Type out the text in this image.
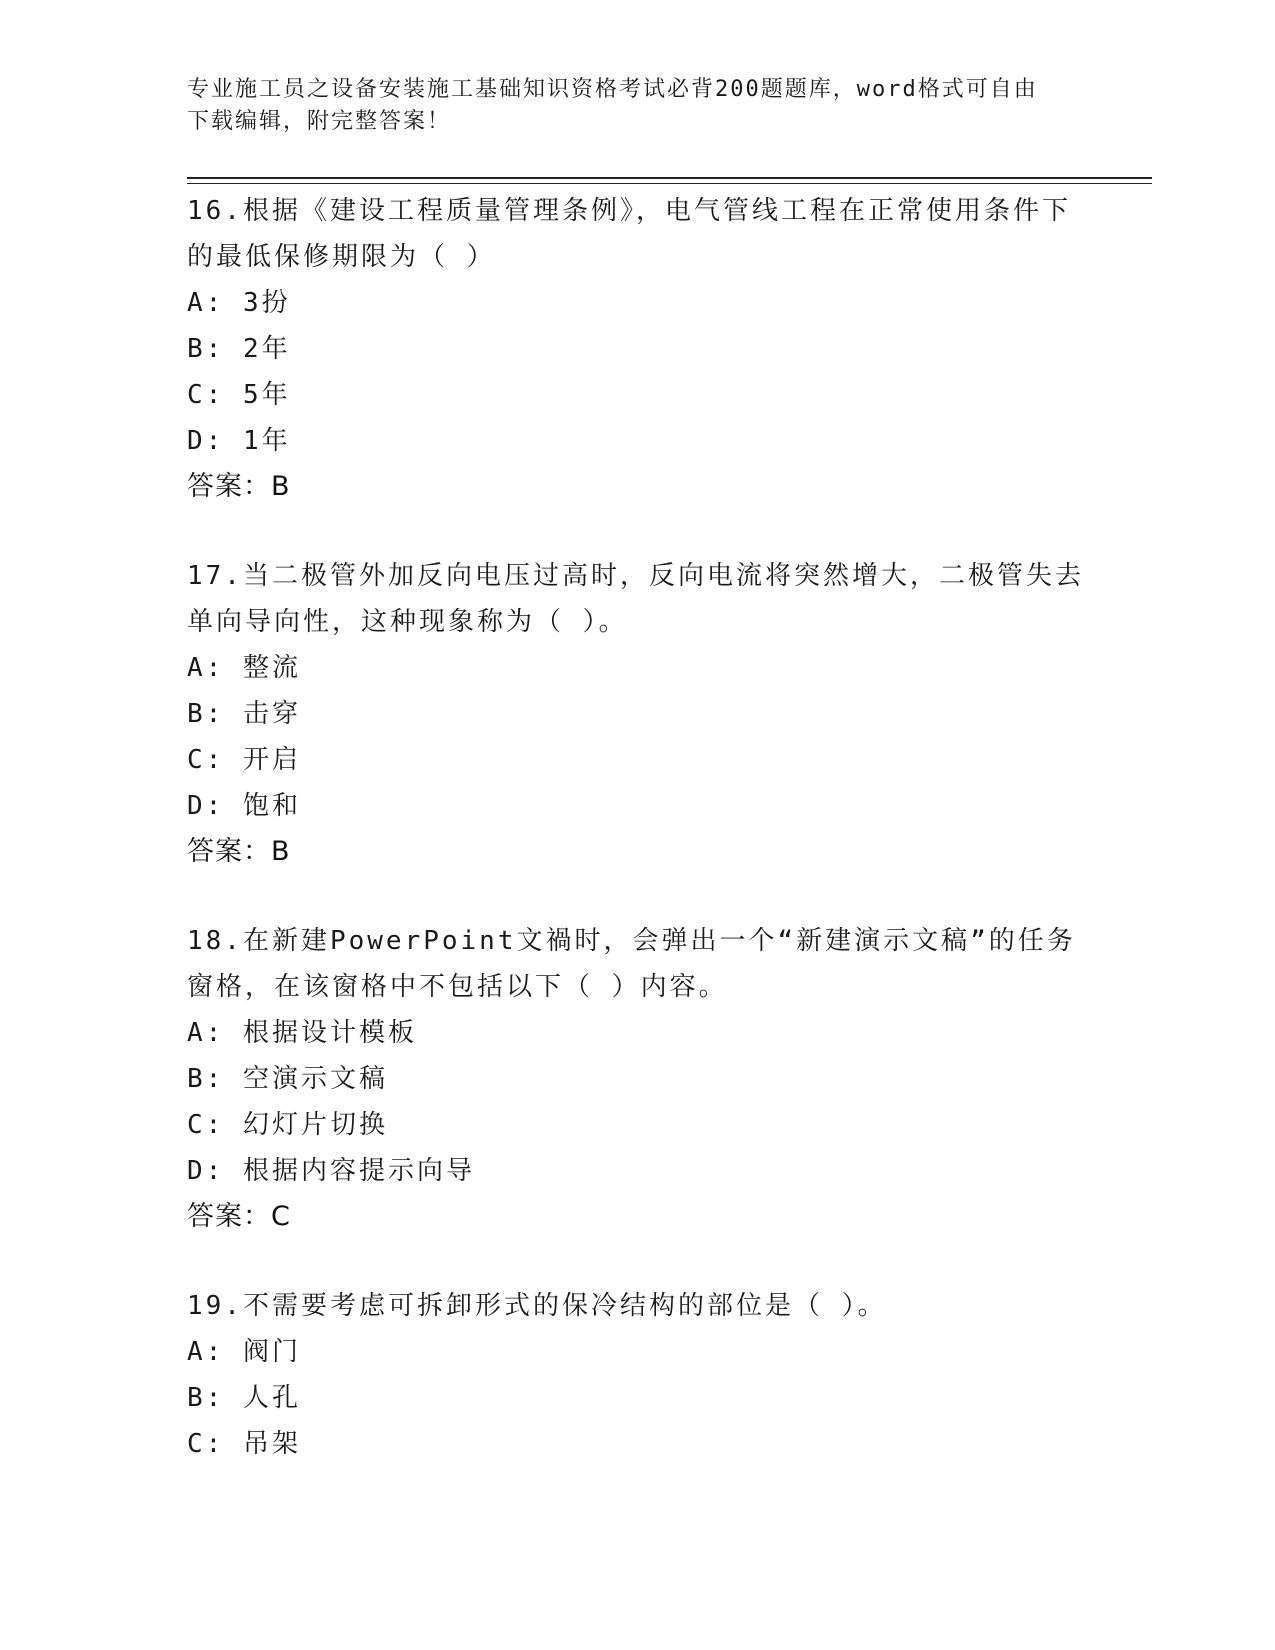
专业施工员之设备安装施工基础知识资格考试必背200题题库，word格式可自由
下载编辑，附完整答案！
16.根据《建设工程质量管理条例》，电气管线工程在正常使用条件下
的最低保修期限为（ ）
A: 3扮
B: 2年
C: 5年
D: 1年
答案：B
17.当二极管外加反向电压过高时，反向电流将突然增大，二极管失去
单向导向性，这种现象称为（ ）。
A: 整流
B: 击穿
C: 开启
D: 饱和
答案：B
18.在新建PowerPoint文禍时，会弹出一个“新建演示文稿”的任务
窗格，在该窗格中不包括以下（ ）内容。
A: 根据设计模板
B: 空演示文稿
C: 幻灯片切换
D: 根据内容提示向导
答案：C
19.不需要考虑可拆卸形式的保冷结构的部位是（ ）。
A: 阀门
B: 人孔
C: 吊架
